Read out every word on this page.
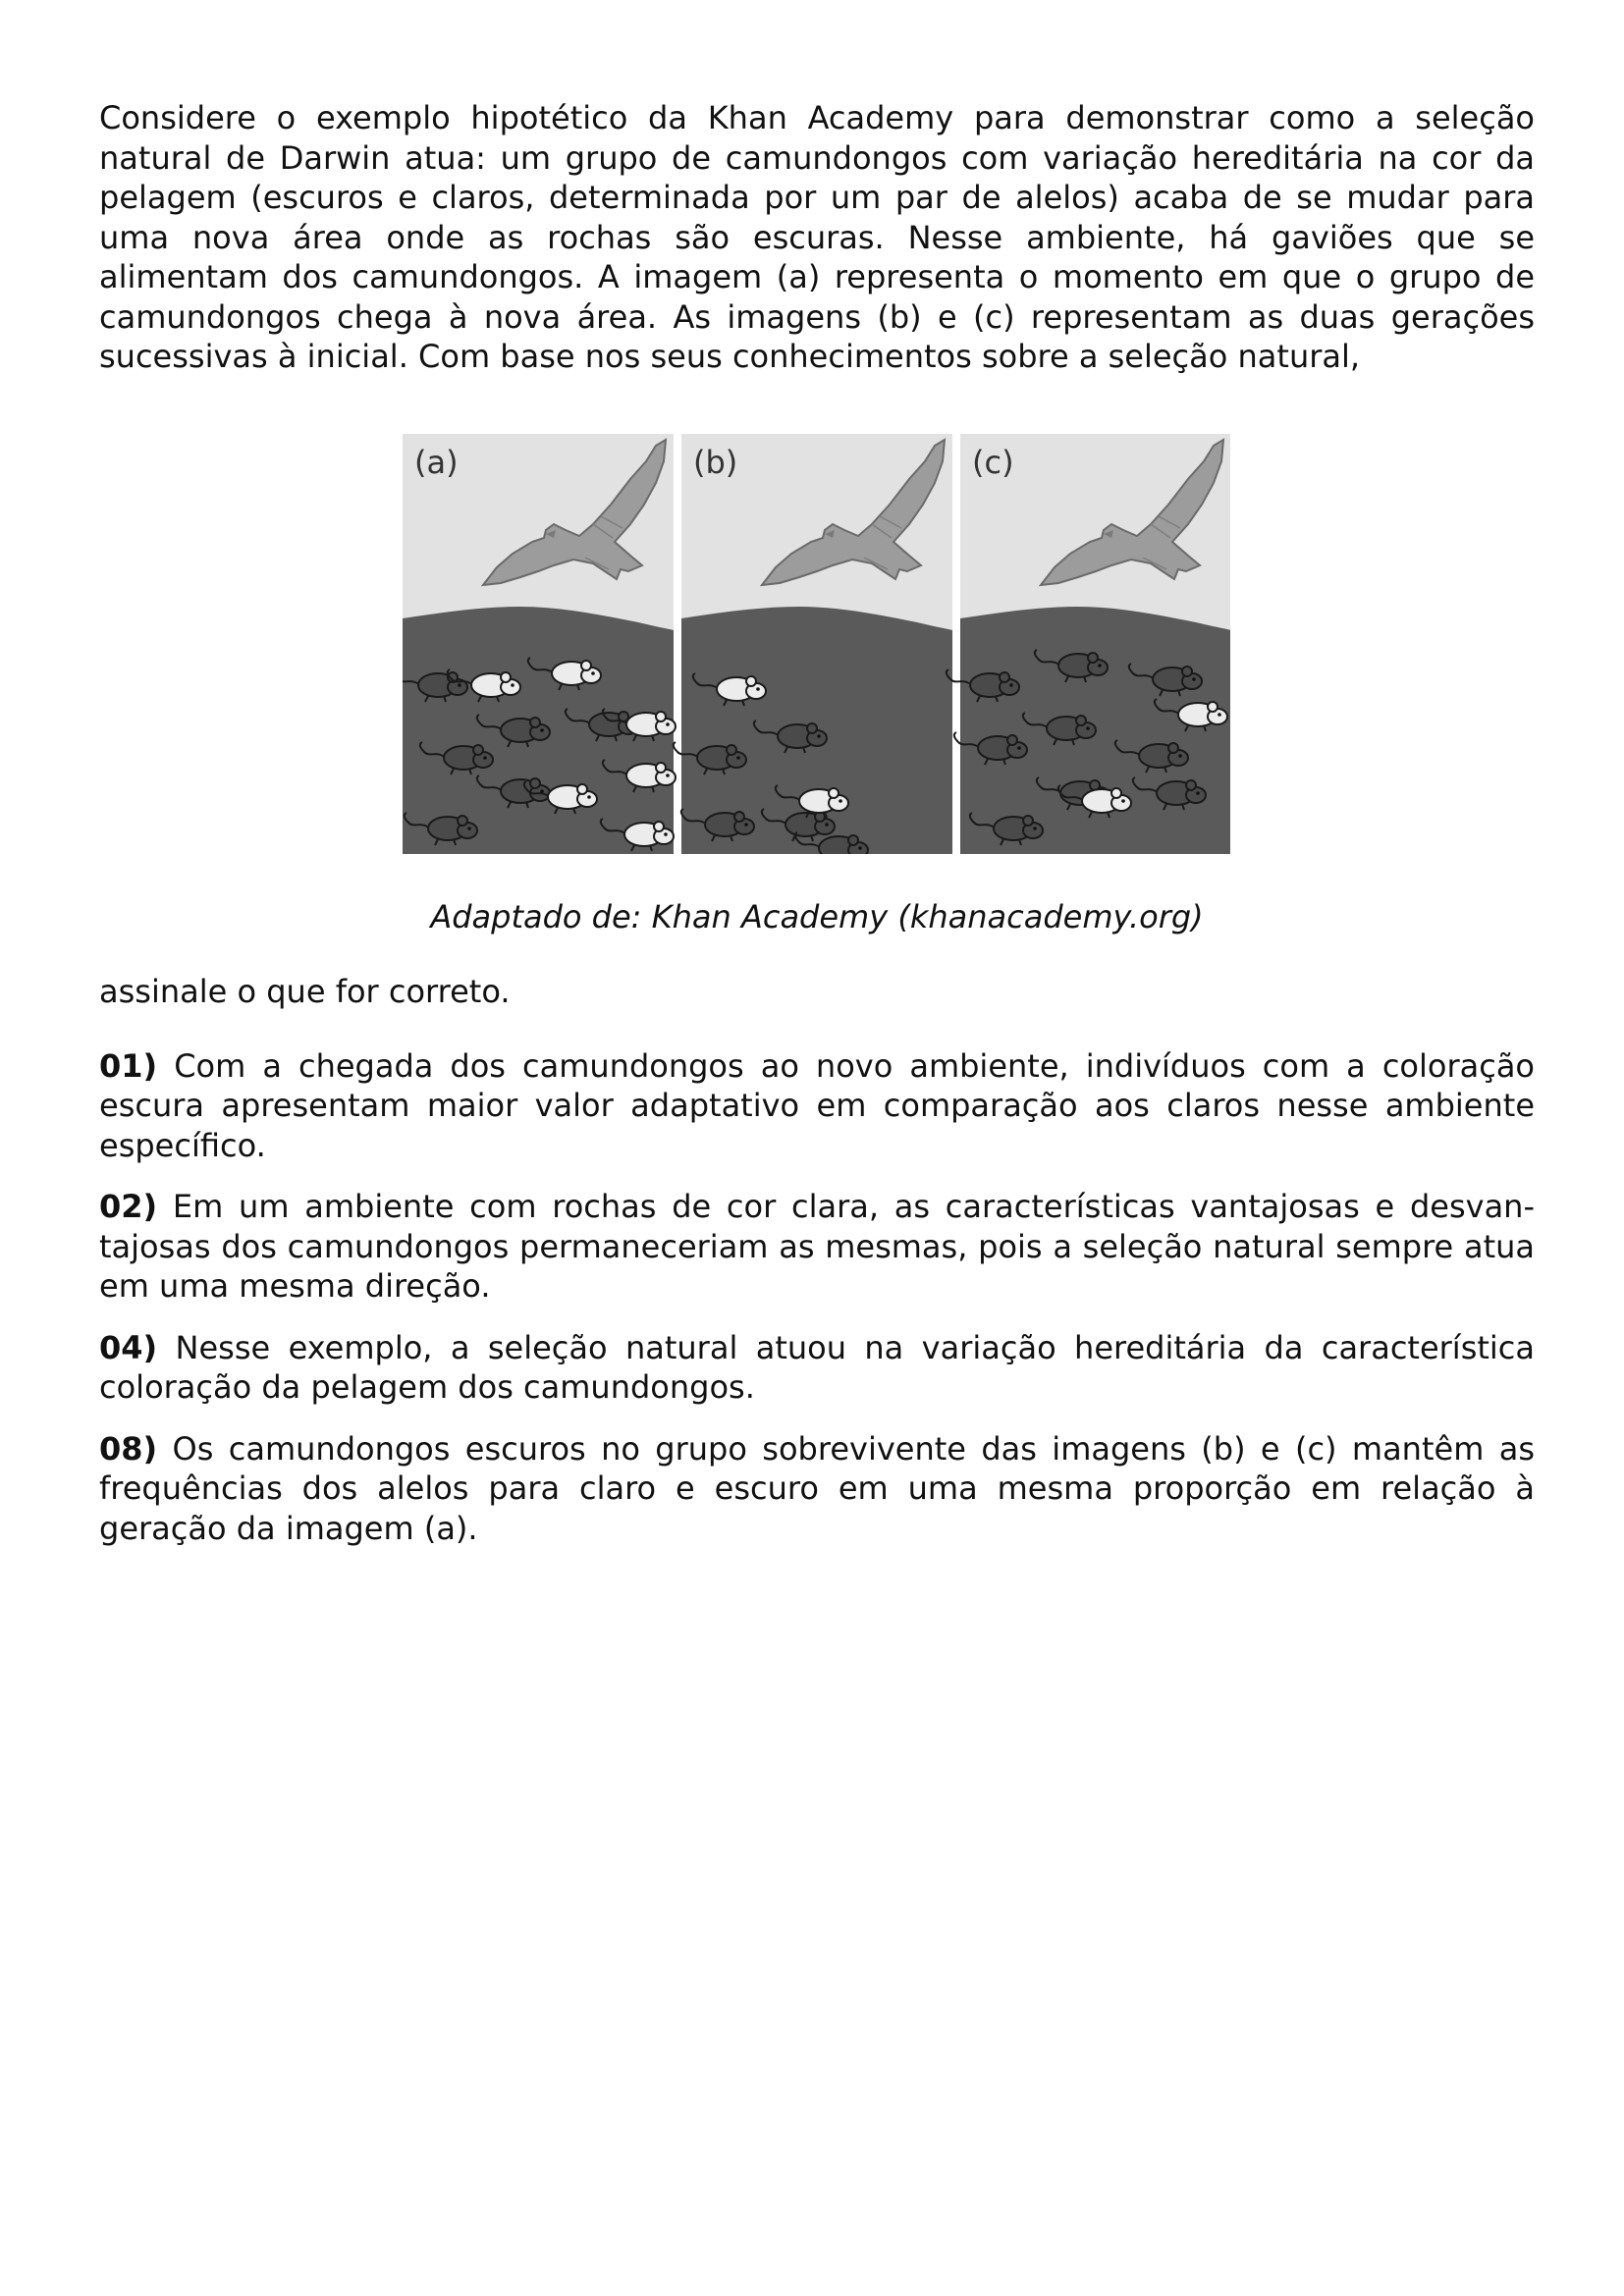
Considere o exemplo hipotético da Khan Academy para demonstrar como a seleção natural de Darwin atua: um grupo de camundongos com variação hereditária na cor da pelagem (escuros e claros, determinada por um par de alelos) acaba de se mudar para uma nova área onde as rochas são escuras. Nesse ambiente, há gaviões que se alimentam dos camundongos. A imagem (a) representa o momento em que o grupo de camundongos chega à nova área. As imagens (b) e (c) representam as duas gerações sucessivas à inicial. Com base nos seus conhecimentos sobre a seleção natural,

(a)	(b)	(c)

Adaptado de: Khan Academy (khanacademy.org)

assinale o que for correto.

01) Com a chegada dos camundongos ao novo ambiente, indivíduos com a coloração escura apresentam maior valor adaptativo em comparação aos claros nesse ambiente específico.

02) Em um ambiente com rochas de cor clara, as características vantajosas e desvantajosas dos camundongos permaneceriam as mesmas, pois a seleção natural sempre atua em uma mesma direção.

04) Nesse exemplo, a seleção natural atuou na variação hereditária da característica coloração da pelagem dos camundongos.

08) Os camundongos escuros no grupo sobrevivente das imagens (b) e (c) mantêm as frequências dos alelos para claro e escuro em uma mesma proporção em relação à geração da imagem (a).
